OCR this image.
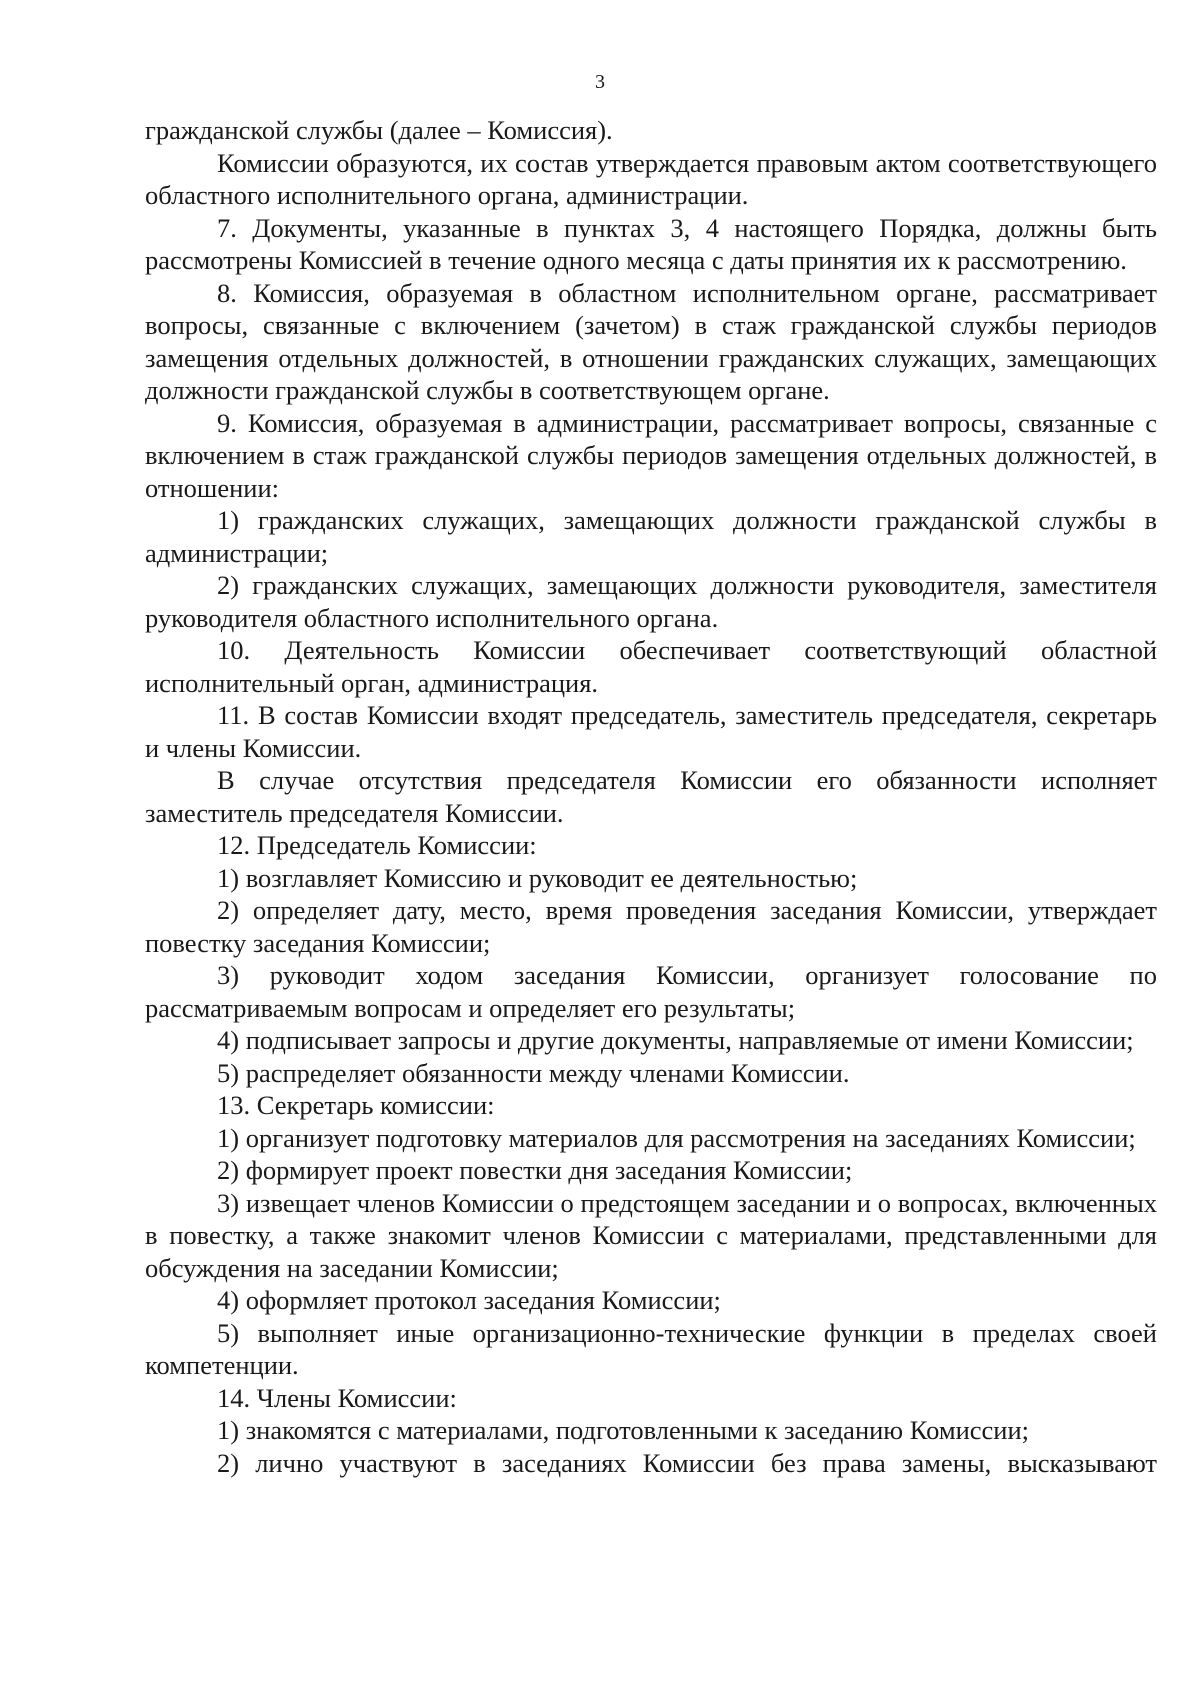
3

гражданской службы (далее – Комиссия).

Комиссии образуются, их состав утверждается правовым актом соответствующего областного исполнительного органа, администрации.

7. Документы, указанные в пунктах 3, 4 настоящего Порядка, должны быть рассмотрены Комиссией в течение одного месяца с даты принятия их к рассмотрению.

8. Комиссия, образуемая в областном исполнительном органе, рассматривает вопросы, связанные с включением (зачетом) в стаж гражданской службы периодов замещения отдельных должностей, в отношении гражданских служащих, замещающих должности гражданской службы в соответствующем органе.

9. Комиссия, образуемая в администрации, рассматривает вопросы, связанные с включением в стаж гражданской службы периодов замещения отдельных должностей, в отношении:

1) гражданских служащих, замещающих должности гражданской службы в администрации;

2) гражданских служащих, замещающих должности руководителя, заместителя руководителя областного исполнительного органа.

10. Деятельность Комиссии обеспечивает соответствующий областной исполнительный орган, администрация.

11. В состав Комиссии входят председатель, заместитель председателя, секретарь и члены Комиссии.

В случае отсутствия председателя Комиссии его обязанности исполняет заместитель председателя Комиссии.

12. Председатель Комиссии:

1) возглавляет Комиссию и руководит ее деятельностью;

2) определяет дату, место, время проведения заседания Комиссии, утверждает повестку заседания Комиссии;

3) руководит ходом заседания Комиссии, организует голосование по рассматриваемым вопросам и определяет его результаты;

4) подписывает запросы и другие документы, направляемые от имени Комиссии;

5) распределяет обязанности между членами Комиссии.

13. Секретарь комиссии:

1) организует подготовку материалов для рассмотрения на заседаниях Комиссии;

2) формирует проект повестки дня заседания Комиссии;

3) извещает членов Комиссии о предстоящем заседании и о вопросах, включенных в повестку, а также знакомит членов Комиссии с материалами, представленными для обсуждения на заседании Комиссии;

4) оформляет протокол заседания Комиссии;

5) выполняет иные организационно-технические функции в пределах своей компетенции.

14. Члены Комиссии:

1) знакомятся с материалами, подготовленными к заседанию Комиссии;

2) лично участвуют в заседаниях Комиссии без права замены, высказывают
